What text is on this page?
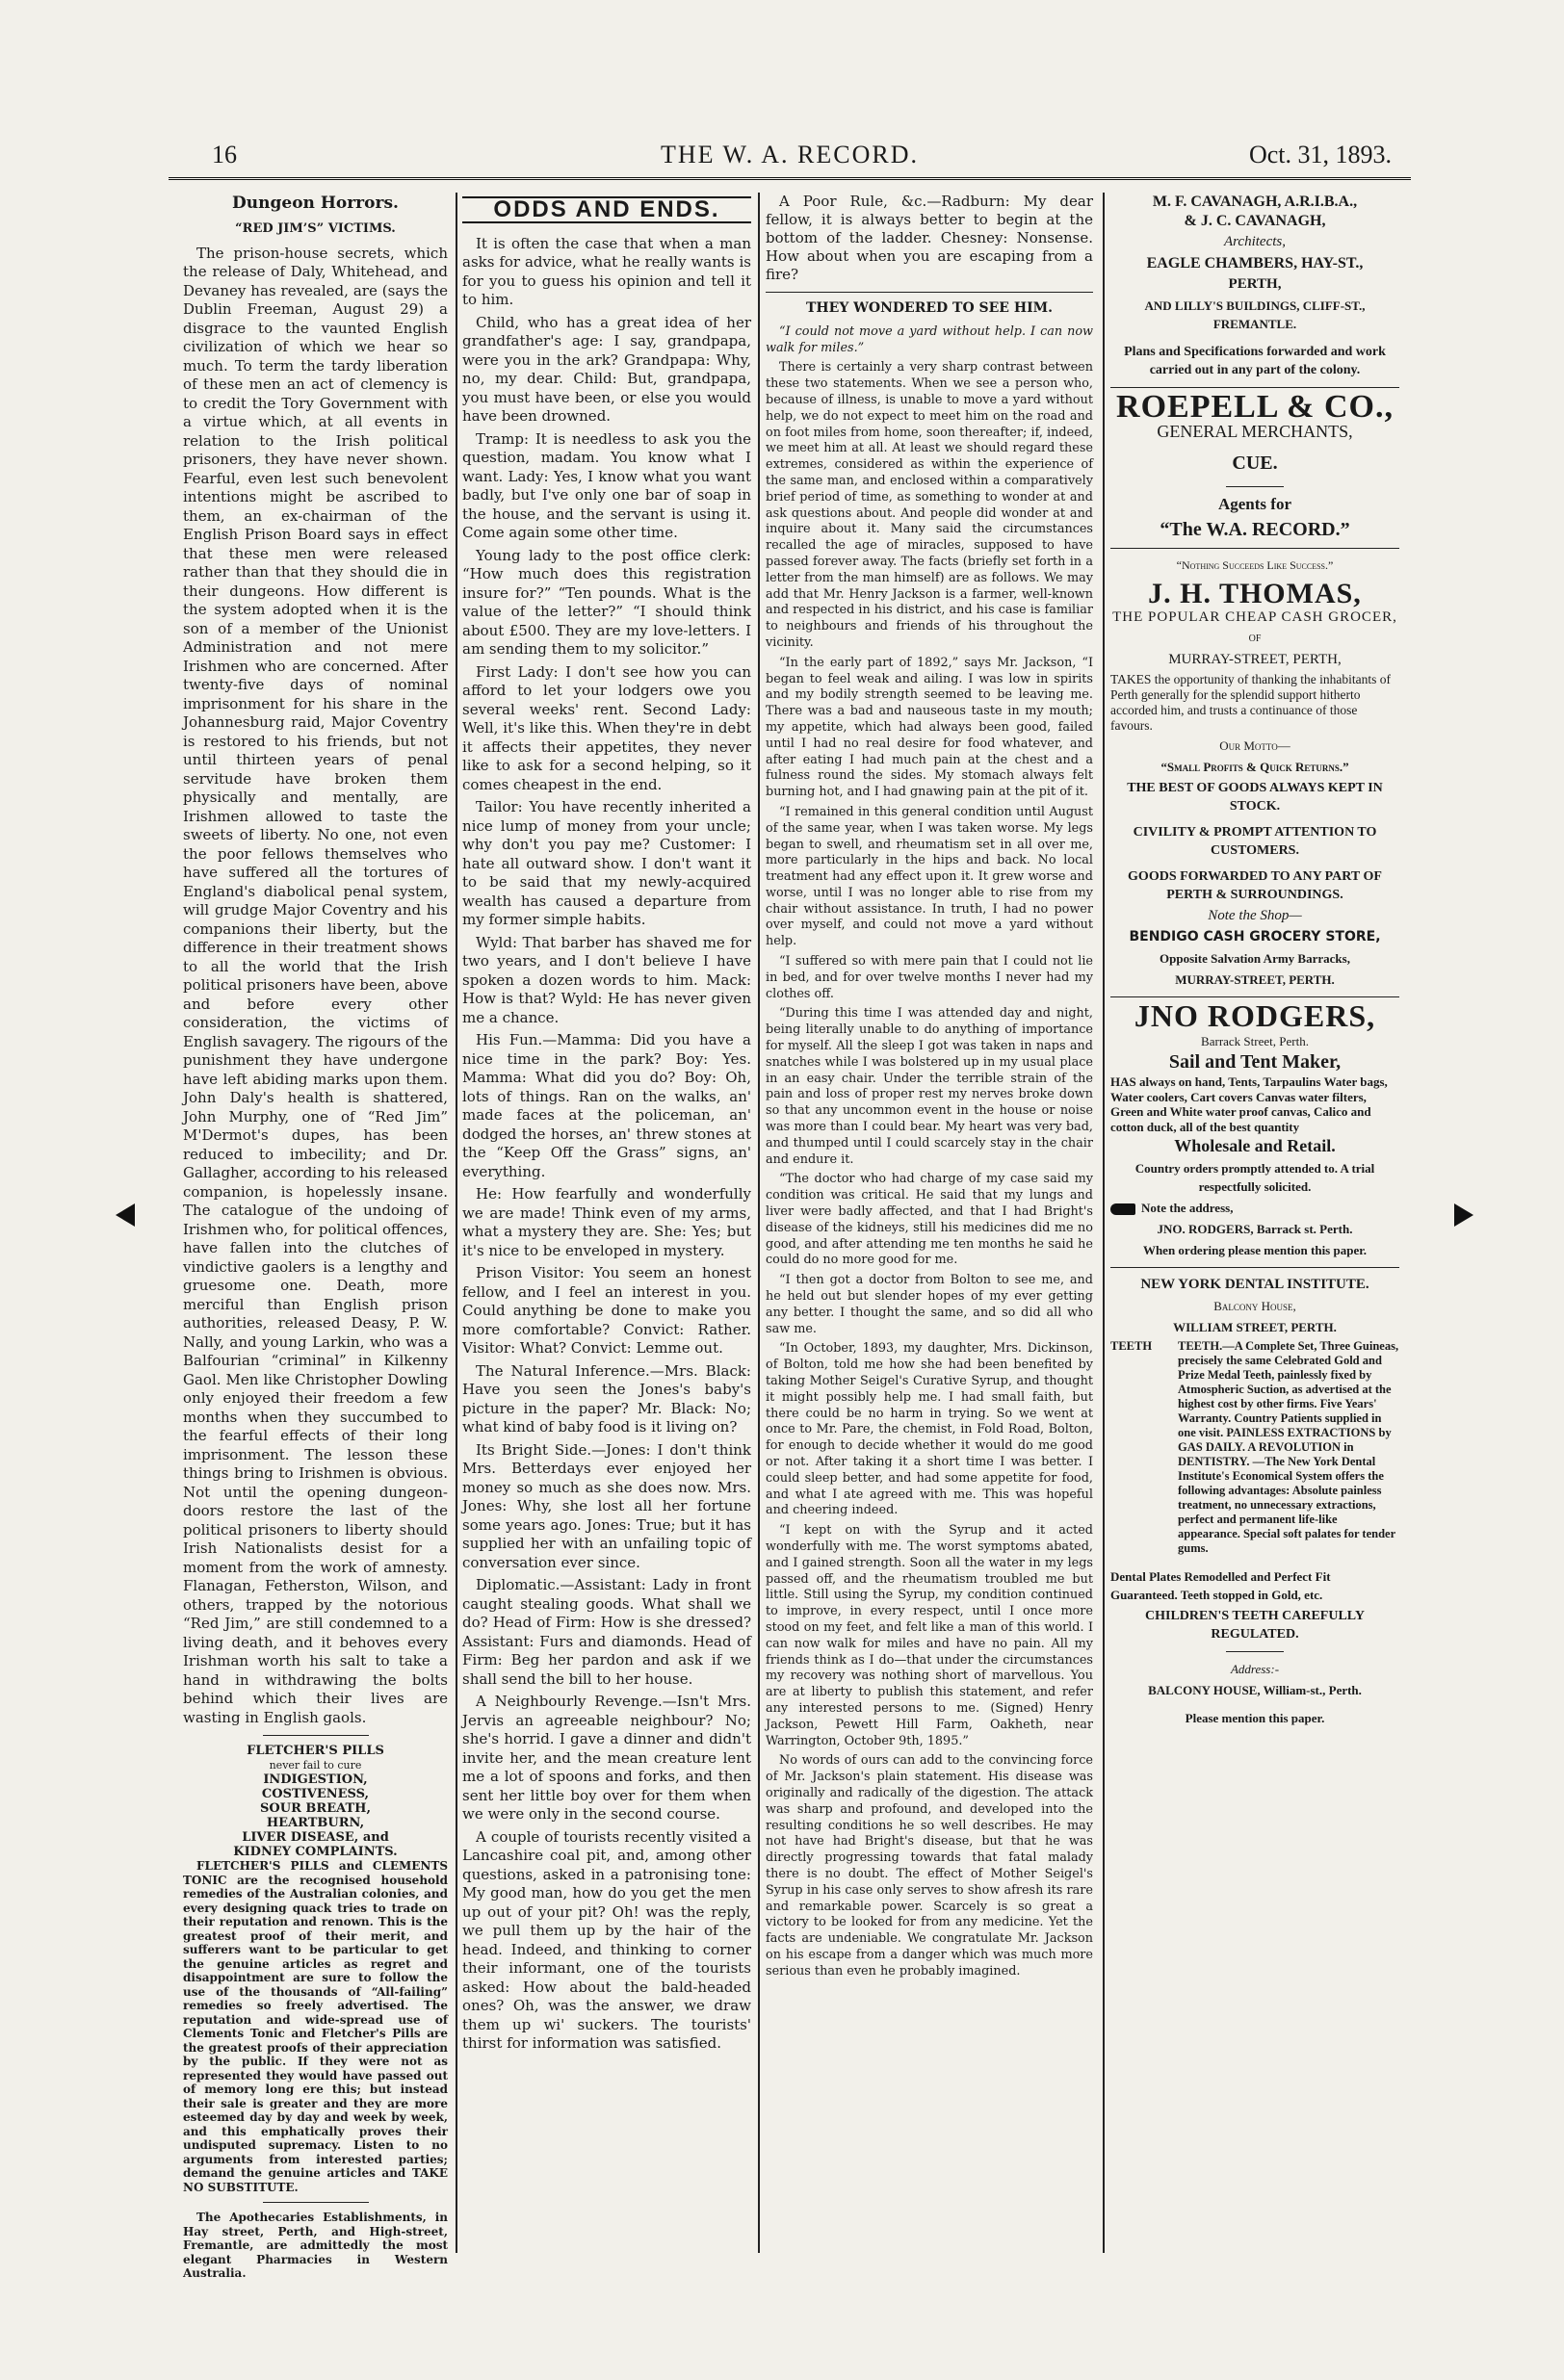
16	THE W. A. RECORD.	Oct. 31, 1893.

Dungeon Horrors.

“RED JIM’S” VICTIMS.

The prison-house secrets, which the release of Daly, Whitehead, and Devaney has revealed, are (says the Dublin Freeman, August 29) a disgrace to the vaunted English civilization of which we hear so much. To term the tardy liberation of these men an act of clemency is to credit the Tory Government with a virtue which, at all events in relation to the Irish political prisoners, they have never shown. Fearful, even lest such benevolent intentions might be ascribed to them, an ex-chairman of the English Prison Board says in effect that these men were released rather than that they should die in their dungeons. How different is the system adopted when it is the son of a member of the Unionist Administration and not mere Irishmen who are concerned. After twenty-five days of nominal imprisonment for his share in the Johannesburg raid, Major Coventry is restored to his friends, but not until thirteen years of penal servitude have broken them physically and mentally, are Irishmen allowed to taste the sweets of liberty. No one, not even the poor fellows themselves who have suffered all the tortures of England's diabolical penal system, will grudge Major Coventry and his companions their liberty, but the difference in their treatment shows to all the world that the Irish political prisoners have been, above and before every other consideration, the victims of English savagery. The rigours of the punishment they have undergone have left abiding marks upon them. John Daly's health is shattered, John Murphy, one of “Red Jim” M'Dermot's dupes, has been reduced to imbecility; and Dr. Gallagher, according to his released companion, is hopelessly insane. The catalogue of the undoing of Irishmen who, for political offences, have fallen into the clutches of vindictive gaolers is a lengthy and gruesome one. Death, more merciful than English prison authorities, released Deasy, P. W. Nally, and young Larkin, who was a Balfourian “criminal” in Kilkenny Gaol. Men like Christopher Dowling only enjoyed their freedom a few months when they succumbed to the fearful effects of their long imprisonment. The lesson these things bring to Irishmen is obvious. Not until the opening dungeon-doors restore the last of the political prisoners to liberty should Irish Nationalists desist for a moment from the work of amnesty. Flanagan, Fetherston, Wilson, and others, trapped by the notorious “Red Jim,” are still condemned to a living death, and it behoves every Irishman worth his salt to take a hand in withdrawing the bolts behind which their lives are wasting in English gaols.

FLETCHER'S PILLS
never fail to cure
INDIGESTION,
COSTIVENESS,
SOUR BREATH,
HEARTBURN,
LIVER DISEASE, and
KIDNEY COMPLAINTS.

FLETCHER'S PILLS and CLEMENTS TONIC are the recognised household remedies of the Australian colonies, and every designing quack tries to trade on their reputation and renown. This is the greatest proof of their merit, and sufferers want to be particular to get the genuine articles as regret and disappointment are sure to follow the use of the thousands of “All-failing” remedies so freely advertised. The reputation and wide-spread use of Clements Tonic and Fletcher's Pills are the greatest proofs of their appreciation by the public. If they were not as represented they would have passed out of memory long ere this; but instead their sale is greater and they are more esteemed day by day and week by week, and this emphatically proves their undisputed supremacy. Listen to no arguments from interested parties; demand the genuine articles and TAKE NO SUBSTITUTE.

The Apothecaries Establishments, in Hay street, Perth, and High-street, Fremantle, are admittedly the most elegant Pharmacies in Western Australia.

ODDS AND ENDS.

It is often the case that when a man asks for advice, what he really wants is for you to guess his opinion and tell it to him.

Child, who has a great idea of her grandfather's age: I say, grandpapa, were you in the ark? Grandpapa: Why, no, my dear. Child: But, grandpapa, you must have been, or else you would have been drowned.

Tramp: It is needless to ask you the question, madam. You know what I want. Lady: Yes, I know what you want badly, but I've only one bar of soap in the house, and the servant is using it. Come again some other time.

Young lady to the post office clerk: “How much does this registration insure for?” “Ten pounds. What is the value of the letter?” “I should think about £500. They are my love-letters. I am sending them to my solicitor.”

First Lady: I don't see how you can afford to let your lodgers owe you several weeks' rent. Second Lady: Well, it's like this. When they're in debt it affects their appetites, they never like to ask for a second helping, so it comes cheapest in the end.

Tailor: You have recently inherited a nice lump of money from your uncle; why don't you pay me? Customer: I hate all outward show. I don't want it to be said that my newly-acquired wealth has caused a departure from my former simple habits.

Wyld: That barber has shaved me for two years, and I don't believe I have spoken a dozen words to him. Mack: How is that? Wyld: He has never given me a chance.

His Fun.—Mamma: Did you have a nice time in the park? Boy: Yes. Mamma: What did you do? Boy: Oh, lots of things. Ran on the walks, an' made faces at the policeman, an' dodged the horses, an' threw stones at the “Keep Off the Grass” signs, an' everything.

He: How fearfully and wonderfully we are made! Think even of my arms, what a mystery they are. She: Yes; but it's nice to be enveloped in mystery.

Prison Visitor: You seem an honest fellow, and I feel an interest in you. Could anything be done to make you more comfortable? Convict: Rather. Visitor: What? Convict: Lemme out.

The Natural Inference.—Mrs. Black: Have you seen the Jones's baby's picture in the paper? Mr. Black: No; what kind of baby food is it living on?

Its Bright Side.—Jones: I don't think Mrs. Betterdays ever enjoyed her money so much as she does now. Mrs. Jones: Why, she lost all her fortune some years ago. Jones: True; but it has supplied her with an unfailing topic of conversation ever since.

Diplomatic.—Assistant: Lady in front caught stealing goods. What shall we do? Head of Firm: How is she dressed? Assistant: Furs and diamonds. Head of Firm: Beg her pardon and ask if we shall send the bill to her house.

A Neighbourly Revenge.—Isn't Mrs. Jervis an agreeable neighbour? No; she's horrid. I gave a dinner and didn't invite her, and the mean creature lent me a lot of spoons and forks, and then sent her little boy over for them when we were only in the second course.

A couple of tourists recently visited a Lancashire coal pit, and, among other questions, asked in a patronising tone: My good man, how do you get the men up out of your pit? Oh! was the reply, we pull them up by the hair of the head. Indeed, and thinking to corner their informant, one of the tourists asked: How about the bald-headed ones? Oh, was the answer, we draw them up wi' suckers. The tourists' thirst for information was satisfied.

A Poor Rule, &c.—Radburn: My dear fellow, it is always better to begin at the bottom of the ladder. Chesney: Nonsense. How about when you are escaping from a fire?

THEY WONDERED TO SEE HIM.

“I could not move a yard without help. I can now walk for miles.”

There is certainly a very sharp contrast between these two statements. When we see a person who, because of illness, is unable to move a yard without help, we do not expect to meet him on the road and on foot miles from home, soon thereafter; if, indeed, we meet him at all. At least we should regard these extremes, considered as within the experience of the same man, and enclosed within a comparatively brief period of time, as something to wonder at and ask questions about. And people did wonder at and inquire about it. Many said the circumstances recalled the age of miracles, supposed to have passed forever away. The facts (briefly set forth in a letter from the man himself) are as follows. We may add that Mr. Henry Jackson is a farmer, well-known and respected in his district, and his case is familiar to neighbours and friends of his throughout the vicinity.

“In the early part of 1892,” says Mr. Jackson, “I began to feel weak and ailing. I was low in spirits and my bodily strength seemed to be leaving me. There was a bad and nauseous taste in my mouth; my appetite, which had always been good, failed until I had no real desire for food whatever, and after eating I had much pain at the chest and a fulness round the sides. My stomach always felt burning hot, and I had gnawing pain at the pit of it.

“I remained in this general condition until August of the same year, when I was taken worse. My legs began to swell, and rheumatism set in all over me, more particularly in the hips and back. No local treatment had any effect upon it. It grew worse and worse, until I was no longer able to rise from my chair without assistance. In truth, I had no power over myself, and could not move a yard without help.

“I suffered so with mere pain that I could not lie in bed, and for over twelve months I never had my clothes off.

“During this time I was attended day and night, being literally unable to do anything of importance for myself. All the sleep I got was taken in naps and snatches while I was bolstered up in my usual place in an easy chair. Under the terrible strain of the pain and loss of proper rest my nerves broke down so that any uncommon event in the house or noise was more than I could bear. My heart was very bad, and thumped until I could scarcely stay in the chair and endure it.

“The doctor who had charge of my case said my condition was critical. He said that my lungs and liver were badly affected, and that I had Bright's disease of the kidneys, still his medicines did me no good, and after attending me ten months he said he could do no more good for me.

“I then got a doctor from Bolton to see me, and he held out but slender hopes of my ever getting any better. I thought the same, and so did all who saw me.

“In October, 1893, my daughter, Mrs. Dickinson, of Bolton, told me how she had been benefited by taking Mother Seigel's Curative Syrup, and thought it might possibly help me. I had small faith, but there could be no harm in trying. So we went at once to Mr. Pare, the chemist, in Fold Road, Bolton, for enough to decide whether it would do me good or not. After taking it a short time I was better. I could sleep better, and had some appetite for food, and what I ate agreed with me. This was hopeful and cheering indeed.

“I kept on with the Syrup and it acted wonderfully with me. The worst symptoms abated, and I gained strength. Soon all the water in my legs passed off, and the rheumatism troubled me but little. Still using the Syrup, my condition continued to improve, in every respect, until I once more stood on my feet, and felt like a man of this world. I can now walk for miles and have no pain. All my friends think as I do—that under the circumstances my recovery was nothing short of marvellous. You are at liberty to publish this statement, and refer any interested persons to me. (Signed) Henry Jackson, Pewett Hill Farm, Oakheth, near Warrington, October 9th, 1895.”

No words of ours can add to the convincing force of Mr. Jackson's plain statement. His disease was originally and radically of the digestion. The attack was sharp and profound, and developed into the resulting conditions he so well describes. He may not have had Bright's disease, but that he was directly progressing towards that fatal malady there is no doubt. The effect of Mother Seigel's Syrup in his case only serves to show afresh its rare and remarkable power. Scarcely is so great a victory to be looked for from any medicine. Yet the facts are undeniable. We congratulate Mr. Jackson on his escape from a danger which was much more serious than even he probably imagined.

M. F. CAVANAGH, A.R.I.B.A.,
& J. C. CAVANAGH,
Architects,
EAGLE CHAMBERS, HAY-ST.,
PERTH,
AND LILLY'S BUILDINGS, CLIFF-ST., FREMANTLE.
Plans and Specifications forwarded and work carried out in any part of the colony.
ROEPELL & CO.,
GENERAL MERCHANTS,
CUE.
Agents for
“The W.A. RECORD.”
“Nothing Succeeds Like Success.”
J. H. THOMAS,
THE POPULAR CHEAP CASH GROCER,
OF
MURRAY-STREET, PERTH,
TAKES the opportunity of thanking the inhabitants of Perth generally for the splendid support hitherto accorded him, and trusts a continuance of those favours.
Our Motto—
“Small Profits & Quick Returns.”
THE BEST OF GOODS ALWAYS KEPT IN STOCK.
CIVILITY & PROMPT ATTENTION TO CUSTOMERS.
GOODS FORWARDED TO ANY PART OF PERTH & SURROUNDINGS.
Note the Shop—
BENDIGO CASH GROCERY STORE,
Opposite Salvation Army Barracks,
MURRAY-STREET, PERTH.
JNO RODGERS,
Barrack Street, Perth.
Sail and Tent Maker,
HAS always on hand, Tents, Tarpaulins Water bags, Water coolers, Cart covers Canvas water filters, Green and White water proof canvas, Calico and cotton duck, all of the best quantity
Wholesale and Retail.
Country orders promptly attended to. A trial respectfully solicited.
Note the address,
JNO. RODGERS, Barrack st. Perth.
When ordering please mention this paper.
NEW YORK DENTAL INSTITUTE.
Balcony House,
WILLIAM STREET, PERTH.
TEETH	TEETH.—A Complete Set, Three Guineas, precisely the same Celebrated Gold and Prize Medal Teeth, painlessly fixed by Atmospheric Suction, as advertised at the highest cost by other firms. Five Years' Warranty. Country Patients supplied in one visit. PAINLESS EXTRACTIONS by GAS DAILY. A REVOLUTION in DENTISTRY. —The New York Dental Institute's Economical System offers the following advantages: Absolute painless treatment, no unnecessary extractions, perfect and permanent life-like appearance. Special soft palates for tender gums.
Dental Plates Remodelled and Perfect Fit Guaranteed. Teeth stopped in Gold, etc.
CHILDREN'S TEETH CAREFULLY REGULATED.
Address:-
BALCONY HOUSE, William-st., Perth.
Please mention this paper.
